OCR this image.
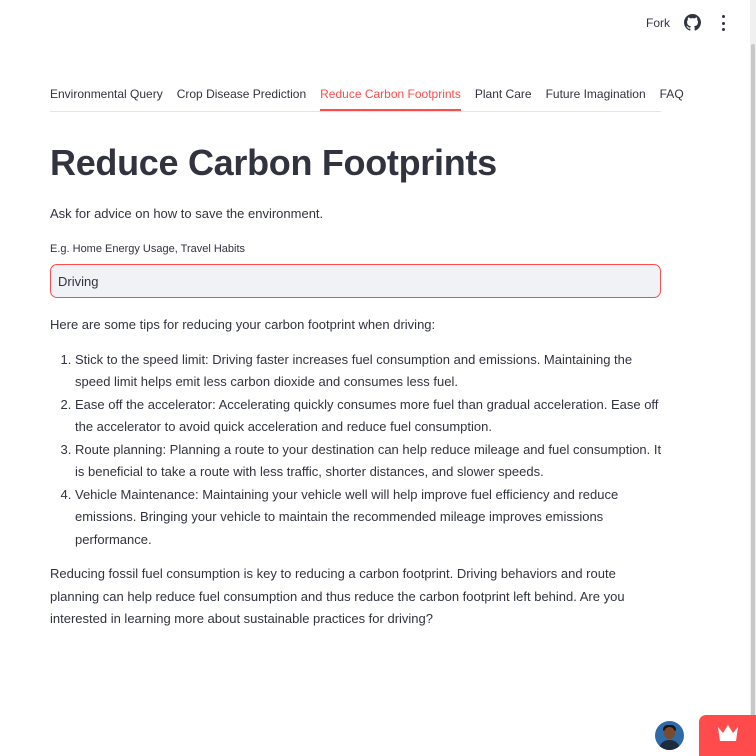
Fork
Environmental Query Crop Disease Prediction Reduce Carbon Footprints Plant Care Future Imagination FAQ
Reduce Carbon Footprints
Ask for advice on how to save the environment.
E.g. Home Energy Usage, Travel Habits
Driving

Here are some tips for reducing your carbon footprint when driving:

1. Stick to the speed limit: Driving faster increases fuel consumption and emissions. Maintaining the speed limit helps emit less carbon dioxide and consumes less fuel.
2. Ease off the accelerator: Accelerating quickly consumes more fuel than gradual acceleration. Ease off the accelerator to avoid quick acceleration and reduce fuel consumption.
3. Route planning: Planning a route to your destination can help reduce mileage and fuel consumption. It is beneficial to take a route with less traffic, shorter distances, and slower speeds.
4. Vehicle Maintenance: Maintaining your vehicle well will help improve fuel efficiency and reduce emissions. Bringing your vehicle to maintain the recommended mileage improves emissions performance.

Reducing fossil fuel consumption is key to reducing a carbon footprint. Driving behaviors and route planning can help reduce fuel consumption and thus reduce the carbon footprint left behind. Are you interested in learning more about sustainable practices for driving?
